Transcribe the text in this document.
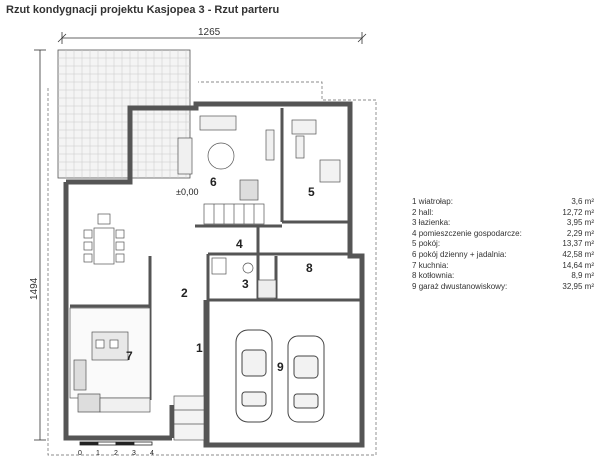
Rzut kondygnacji projektu Kasjopea 3 - Rzut parteru
1265
1494
1
2
3
4
5
6
7
8
9
±0,00
0 1 2 3 4
1 wiatrołap:	3,6 m²
2 hall:	12,72 m²
3 łazienka:	3,95 m²
4 pomieszczenie gospodarcze:	2,29 m²
5 pokój:	13,37 m²
6 pokój dzienny + jadalnia:	42,58 m²
7 kuchnia:	14,64 m²
8 kotłownia:	8,9 m²
9 garaż dwustanowiskowy:	32,95 m²
